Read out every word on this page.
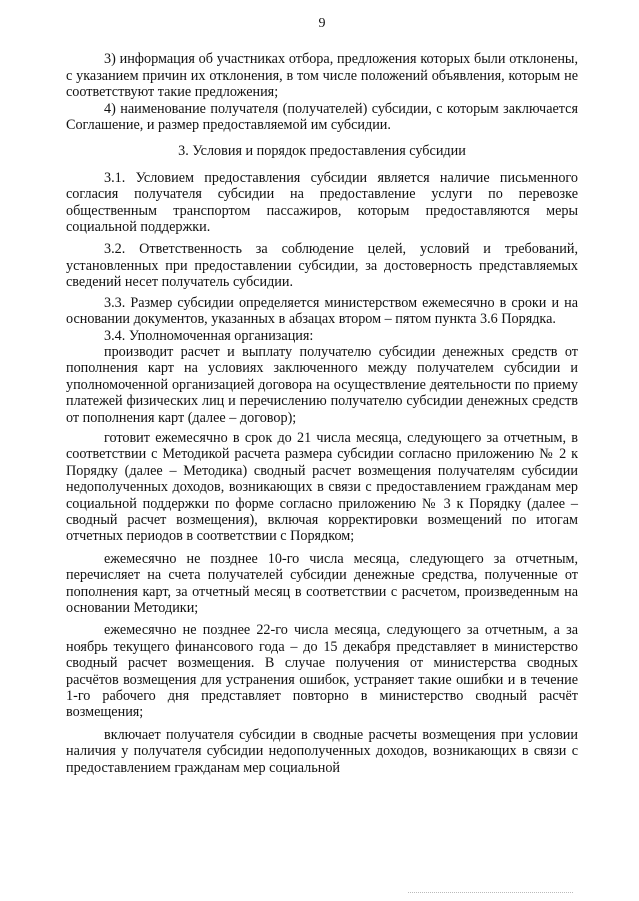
9

3) информация об участниках отбора, предложения которых были отклонены, с указанием причин их отклонения, в том числе положений объявления, которым не соответствуют такие предложения;

4) наименование получателя (получателей) субсидии, с которым заключается Соглашение, и размер предоставляемой им субсидии.

3. Условия и порядок предоставления субсидии

3.1. Условием предоставления субсидии является наличие письменного согласия получателя субсидии на предоставление услуги по перевозке общественным транспортом пассажиров, которым предоставляются меры социальной поддержки.

3.2. Ответственность за соблюдение целей, условий и требований, установленных при предоставлении субсидии, за достоверность представляемых сведений несет получатель субсидии.

3.3. Размер субсидии определяется министерством ежемесячно в сроки и на основании документов, указанных в абзацах втором – пятом пункта 3.6 Порядка.

3.4. Уполномоченная организация:

производит расчет и выплату получателю субсидии денежных средств от пополнения карт на условиях заключенного между получателем субсидии и уполномоченной организацией договора на осуществление деятельности по приему платежей физических лиц и перечислению получателю субсидии денежных средств от пополнения карт (далее – договор);

готовит ежемесячно в срок до 21 числа месяца, следующего за отчетным, в соответствии с Методикой расчета размера субсидии согласно приложению № 2 к Порядку (далее – Методика) сводный расчет возмещения получателям субсидии недополученных доходов, возникающих в связи с предоставлением гражданам мер социальной поддержки по форме согласно приложению № 3 к Порядку (далее – сводный расчет возмещения), включая корректировки возмещений по итогам отчетных периодов в соответствии с Порядком;

ежемесячно не позднее 10-го числа месяца, следующего за отчетным, перечисляет на счета получателей субсидии денежные средства, полученные от пополнения карт, за отчетный месяц в соответствии с расчетом, произведенным на основании Методики;

ежемесячно не позднее 22-го числа месяца, следующего за отчетным, а за ноябрь текущего финансового года – до 15 декабря представляет в министерство сводный расчет возмещения. В случае получения от министерства сводных расчётов возмещения для устранения ошибок, устраняет такие ошибки и в течение 1-го рабочего дня представляет повторно в министерство сводный расчёт возмещения;

включает получателя субсидии в сводные расчеты возмещения при условии наличия у получателя субсидии недополученных доходов, возникающих в связи с предоставлением гражданам мер социальной
